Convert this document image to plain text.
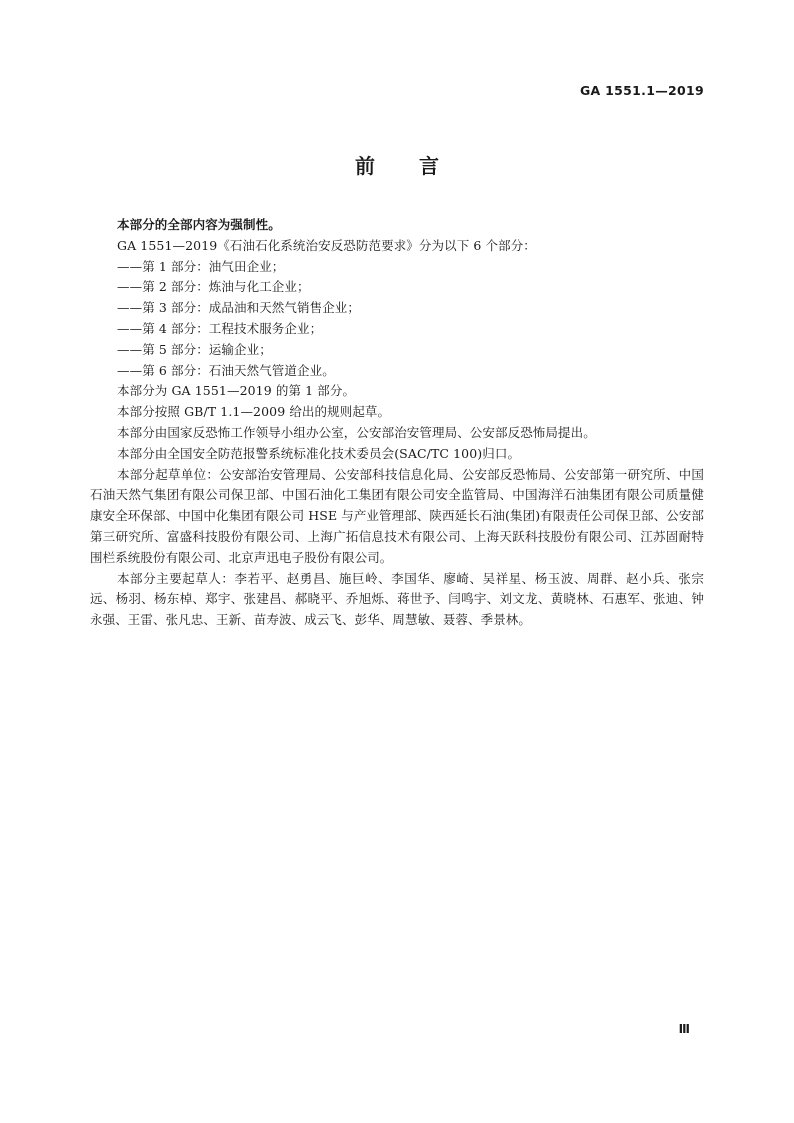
GA 1551.1—2019
前言

本部分的全部内容为强制性。

GA 1551—2019《石油石化系统治安反恐防范要求》分为以下 6 个部分：

——第 1 部分：油气田企业；

——第 2 部分：炼油与化工企业；

——第 3 部分：成品油和天然气销售企业；

——第 4 部分：工程技术服务企业；

——第 5 部分：运输企业；

——第 6 部分：石油天然气管道企业。

本部分为 GA 1551—2019 的第 1 部分。

本部分按照 GB/T 1.1—2009 给出的规则起草。

本部分由国家反恐怖工作领导小组办公室，公安部治安管理局、公安部反恐怖局提出。

本部分由全国安全防范报警系统标准化技术委员会(SAC/TC 100)归口。

本部分起草单位：公安部治安管理局、公安部科技信息化局、公安部反恐怖局、公安部第一研究所、中国石油天然气集团有限公司保卫部、中国石油化工集团有限公司安全监管局、中国海洋石油集团有限公司质量健康安全环保部、中国中化集团有限公司 HSE 与产业管理部、陕西延长石油(集团)有限责任公司保卫部、公安部第三研究所、富盛科技股份有限公司、上海广拓信息技术有限公司、上海天跃科技股份有限公司、江苏固耐特围栏系统股份有限公司、北京声迅电子股份有限公司。

本部分主要起草人：李若平、赵勇昌、施巨岭、李国华、廖崎、吴祥星、杨玉波、周群、赵小兵、张宗远、杨羽、杨东棹、郑宇、张建昌、郝晓平、乔旭烁、蒋世予、闫鸣宇、刘文龙、黄晓林、石惠军、张迪、钟永强、王雷、张凡忠、王新、苗寿波、成云飞、彭华、周慧敏、聂蓉、季景林。

Ⅲ
